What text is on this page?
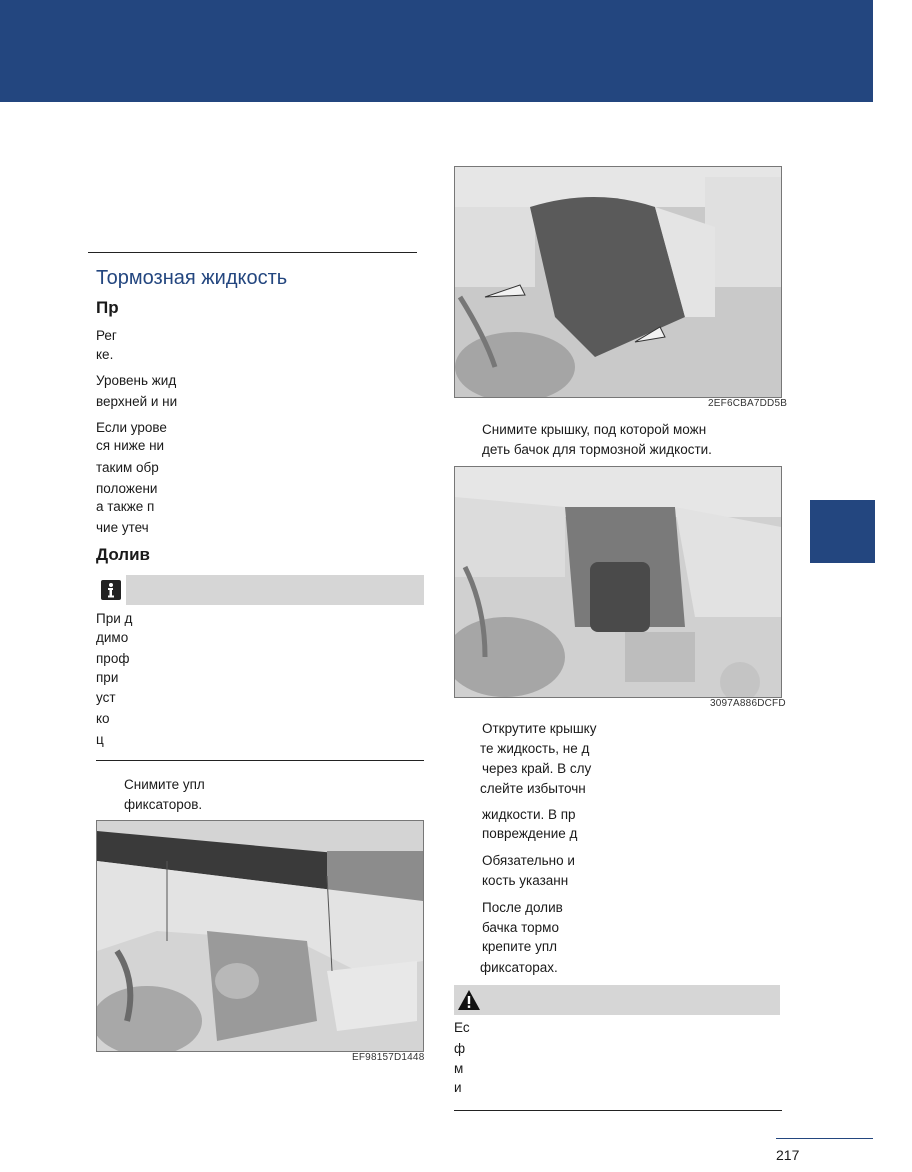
Тормозная жидкость
Пр
Рег
ке.
Уровень жид
верхней и ни
Если урове
ся ниже ни
таким обр
положени
а также п
чие утеч
Долив
При д
димо
проф
при
уст
ко
ц
Снимите упл
фиксаторов.
EF98157D1448
2EF6CBA7DD5B
Снимите крышку, под которой можн
деть бачок для тормозной жидкости.
3097A886DCFD
Открутите крышку
те жидкость, не д
через край. В слу
слейте избыточн
жидкости. В пр
повреждение д
Обязательно и
кость указанн
После долив
бачка тормо
крепите упл
фиксаторах.
Ес
ф
м
и
217
